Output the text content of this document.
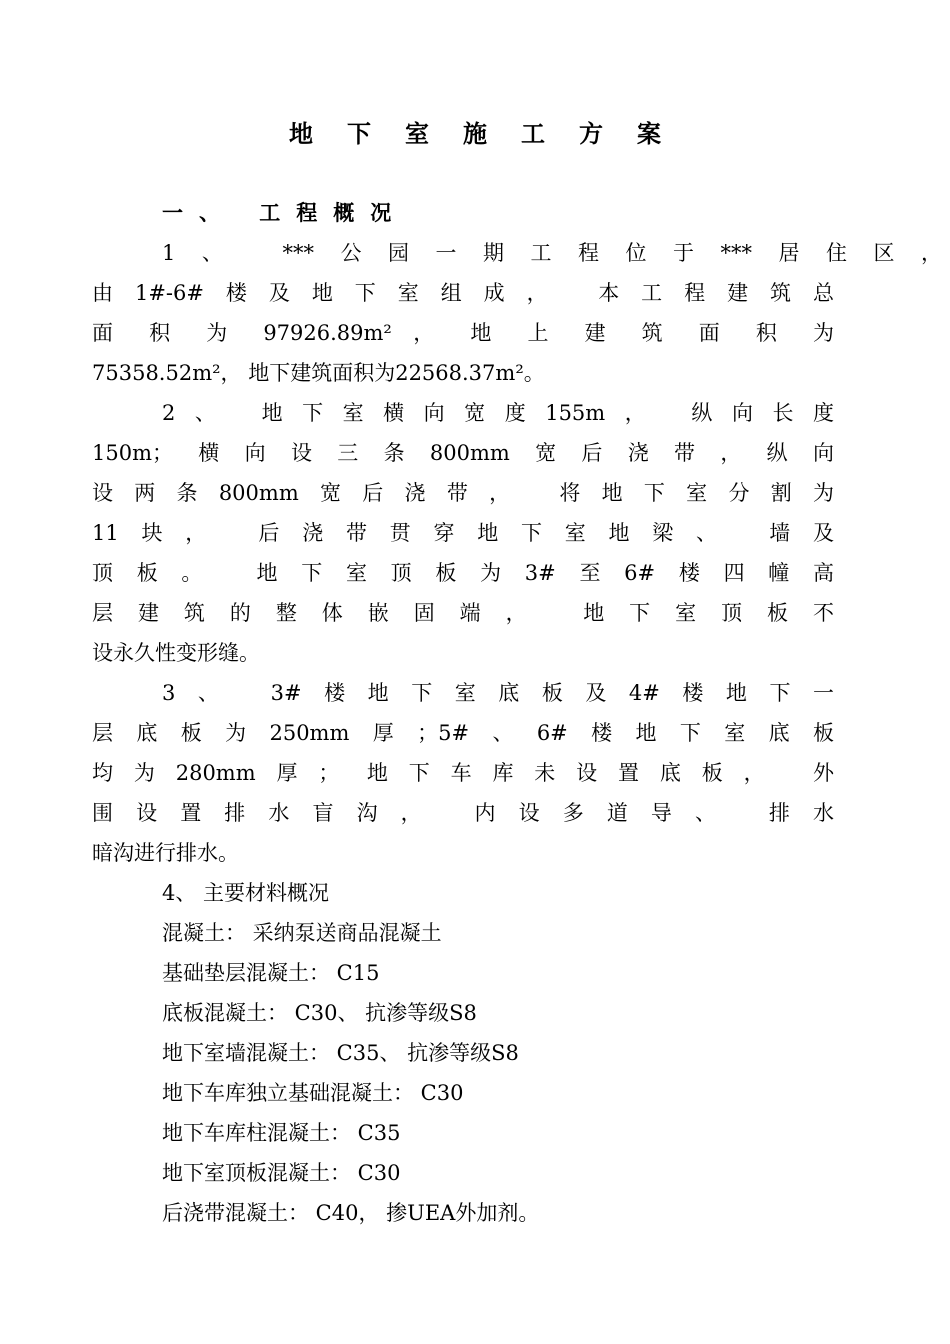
地下室施工方案
一、 工程概况
1、 ***公园一期工程位于***居住区，
由1#-6#楼及地下室组成， 本工程建筑总
面 积 为 97926.89m² ， 地 上 建 筑 面 积 为
75358.52m²， 地下建筑面积为22568.37m²。
2、 地下室横向宽度155m， 纵向长度
150m；横向设三条800mm宽后浇带，纵向
设两条800mm宽后浇带， 将地下室分割为
11块， 后浇带贯穿地下室地梁、 墙及
顶板。 地下室顶板为3#至6#楼四幢高
层建筑的整体嵌固端， 地下室顶板不
设永久性变形缝。
3、 3#楼地下室底板及4#楼地下一
层底板为250mm厚；5#、6#楼地下室底板
均为280mm厚； 地下车库未设置底板， 外
围设置排水盲沟， 内设多道导、 排水
暗沟进行排水。
4、 主要材料概况
混凝土： 采纳泵送商品混凝土
基础垫层混凝土： C15
底板混凝土： C30、 抗渗等级S8
地下室墙混凝土： C35、 抗渗等级S8
地下车库独立基础混凝土： C30
地下车库柱混凝土： C35
地下室顶板混凝土： C30
后浇带混凝土： C40， 掺UEA外加剂。
